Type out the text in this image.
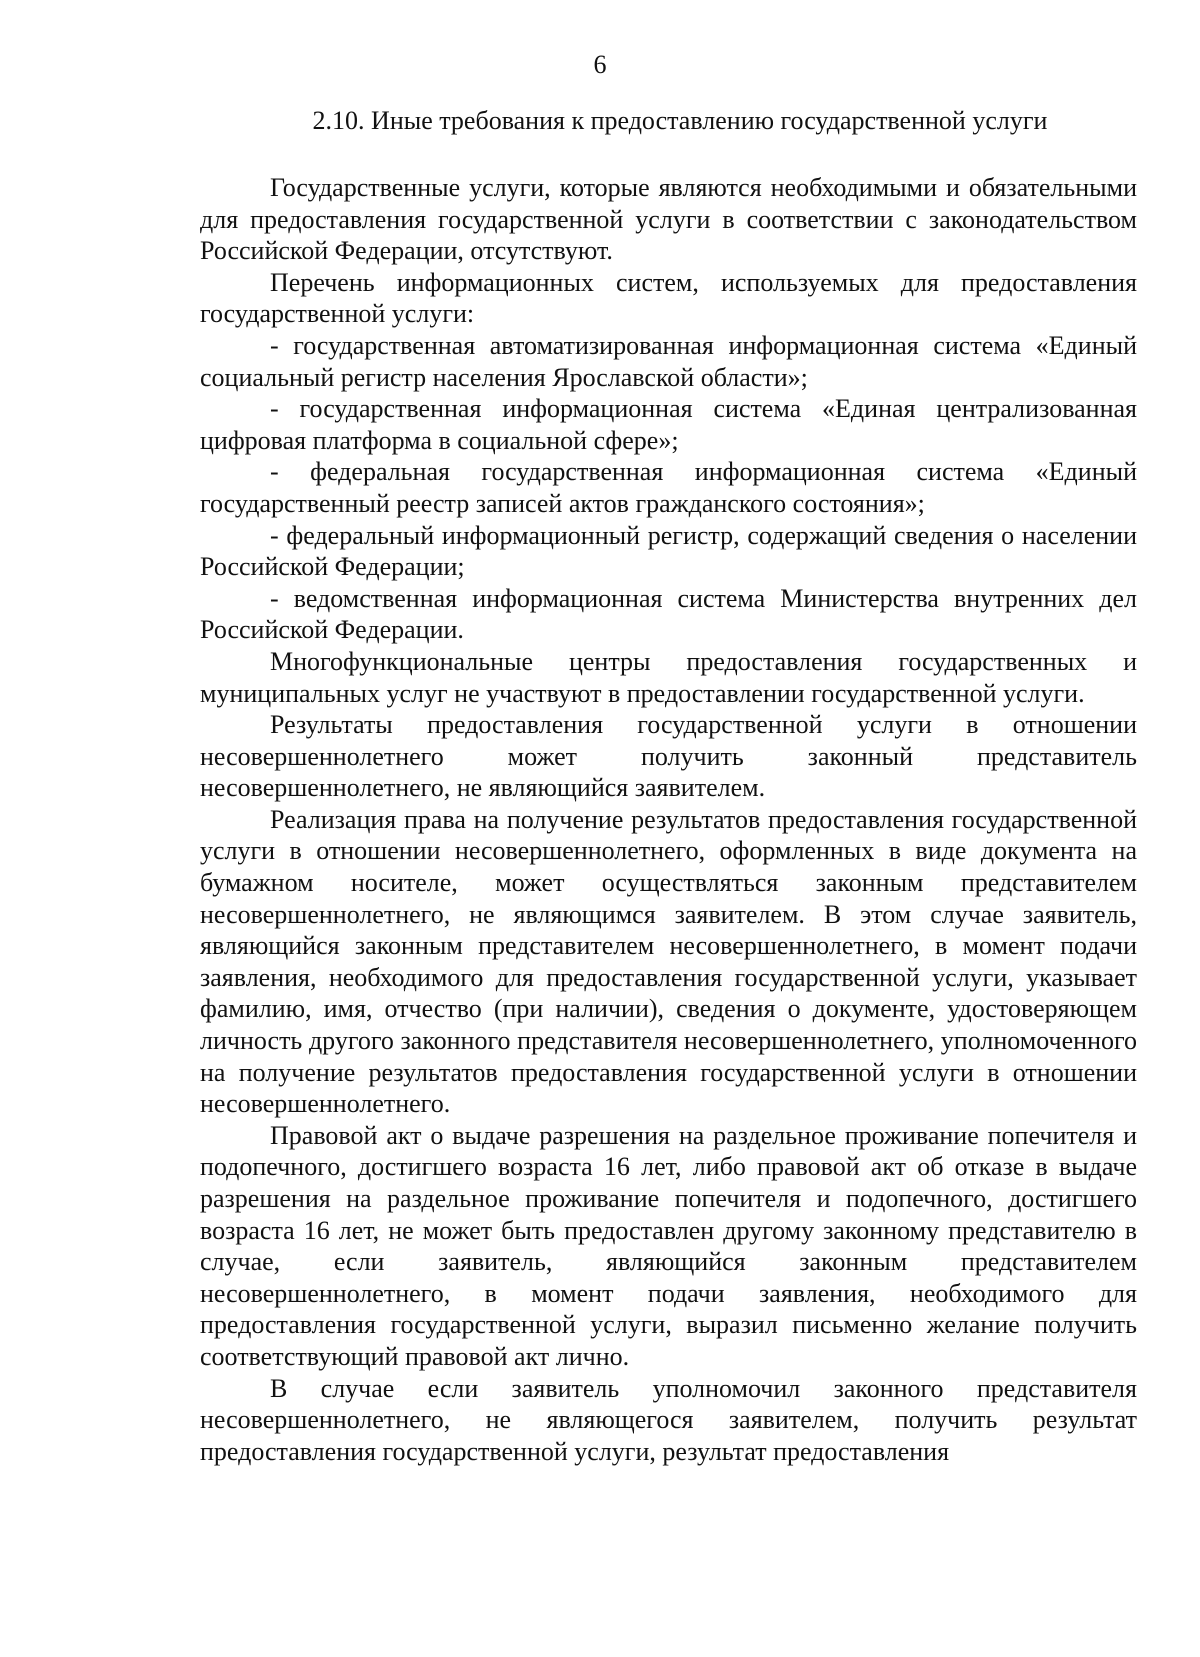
6
2.10. Иные требования к предоставлению государственной услуги

Государственные услуги, которые являются необходимыми и обязательными для предоставления государственной услуги в соответствии с законодательством Российской Федерации, отсутствуют.

Перечень информационных систем, используемых для предоставления государственной услуги:

- государственная автоматизированная информационная система «Единый социальный регистр населения Ярославской области»;

- государственная информационная система «Единая централизованная цифровая платформа в социальной сфере»;

- федеральная государственная информационная система «Единый государственный реестр записей актов гражданского состояния»;

- федеральный информационный регистр, содержащий сведения о населении Российской Федерации;

- ведомственная информационная система Министерства внутренних дел Российской Федерации.

Многофункциональные центры предоставления государственных и муниципальных услуг не участвуют в предоставлении государственной услуги.

Результаты предоставления государственной услуги в отношении несовершеннолетнего может получить законный представитель несовершеннолетнего, не являющийся заявителем.

Реализация права на получение результатов предоставления государственной услуги в отношении несовершеннолетнего, оформленных в виде документа на бумажном носителе, может осуществляться законным представителем несовершеннолетнего, не являющимся заявителем. В этом случае заявитель, являющийся законным представителем несовершеннолетнего, в момент подачи заявления, необходимого для предоставления государственной услуги, указывает фамилию, имя, отчество (при наличии), сведения о документе, удостоверяющем личность другого законного представителя несовершеннолетнего, уполномоченного на получение результатов предоставления государственной услуги в отношении несовершеннолетнего.

Правовой акт о выдаче разрешения на раздельное проживание попечителя и подопечного, достигшего возраста 16 лет, либо правовой акт об отказе в выдаче разрешения на раздельное проживание попечителя и подопечного, достигшего возраста 16 лет, не может быть предоставлен другому законному представителю в случае, если заявитель, являющийся законным представителем несовершеннолетнего, в момент подачи заявления, необходимого для предоставления государственной услуги, выразил письменно желание получить соответствующий правовой акт лично.

В случае если заявитель уполномочил законного представителя несовершеннолетнего, не являющегося заявителем, получить результат предоставления государственной услуги, результат предоставления
